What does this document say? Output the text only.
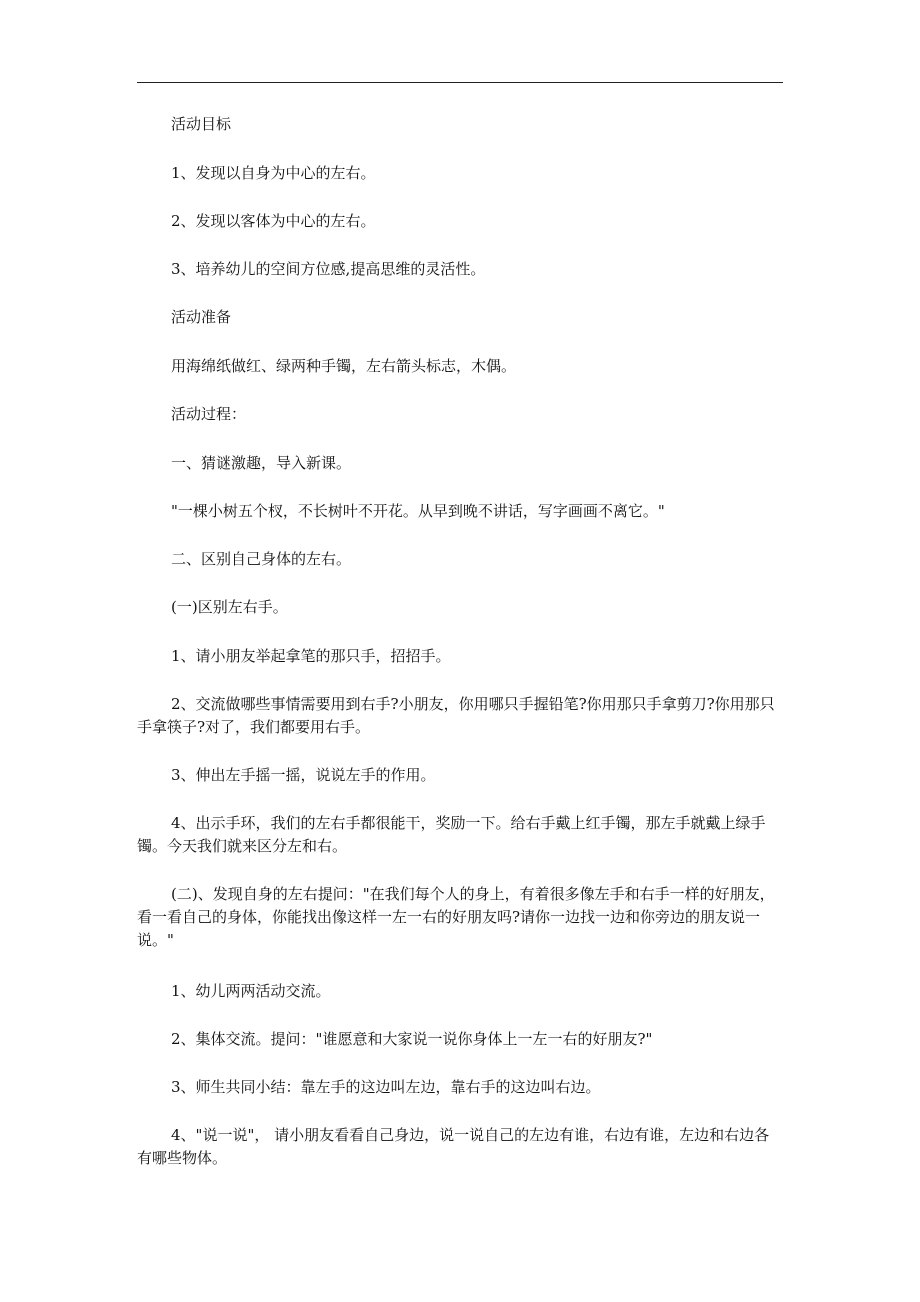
活动目标

1、发现以自身为中心的左右。

2、发现以客体为中心的左右。

3、培养幼儿的空间方位感,提高思维的灵活性。

活动准备

用海绵纸做红、绿两种手镯，左右箭头标志，木偶。

活动过程：

一、猜谜激趣，导入新课。

"一棵小树五个杈，不长树叶不开花。从早到晚不讲话，写字画画不离它。"

二、区别自己身体的左右。

(一)区别左右手。

1、请小朋友举起拿笔的那只手，招招手。

2、交流做哪些事情需要用到右手?小朋友，你用哪只手握铅笔?你用那只手拿剪刀?你用那只手拿筷子?对了，我们都要用右手。

3、伸出左手摇一摇，说说左手的作用。

4、出示手环，我们的左右手都很能干，奖励一下。给右手戴上红手镯，那左手就戴上绿手镯。今天我们就来区分左和右。

(二)、发现自身的左右提问："在我们每个人的身上，有着很多像左手和右手一样的好朋友，看一看自己的身体，你能找出像这样一左一右的好朋友吗?请你一边找一边和你旁边的朋友说一说。"

1、幼儿两两活动交流。

2、集体交流。提问："谁愿意和大家说一说你身体上一左一右的好朋友?"

3、师生共同小结：靠左手的这边叫左边，靠右手的这边叫右边。

4、"说一说"， 请小朋友看看自己身边，说一说自己的左边有谁，右边有谁，左边和右边各有哪些物体。
